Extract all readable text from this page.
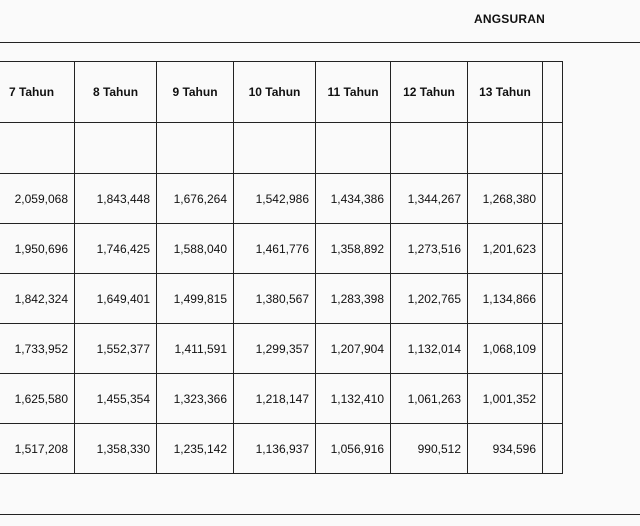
ANGSURAN
7 Tahun	8 Tahun	9 Tahun	10 Tahun	11 Tahun	12 Tahun	13 Tahun	

2,059,068	1,843,448	1,676,264	1,542,986	1,434,386	1,344,267	1,268,380	
1,950,696	1,746,425	1,588,040	1,461,776	1,358,892	1,273,516	1,201,623	
1,842,324	1,649,401	1,499,815	1,380,567	1,283,398	1,202,765	1,134,866	
1,733,952	1,552,377	1,411,591	1,299,357	1,207,904	1,132,014	1,068,109	
1,625,580	1,455,354	1,323,366	1,218,147	1,132,410	1,061,263	1,001,352	
1,517,208	1,358,330	1,235,142	1,136,937	1,056,916	990,512	934,596	
